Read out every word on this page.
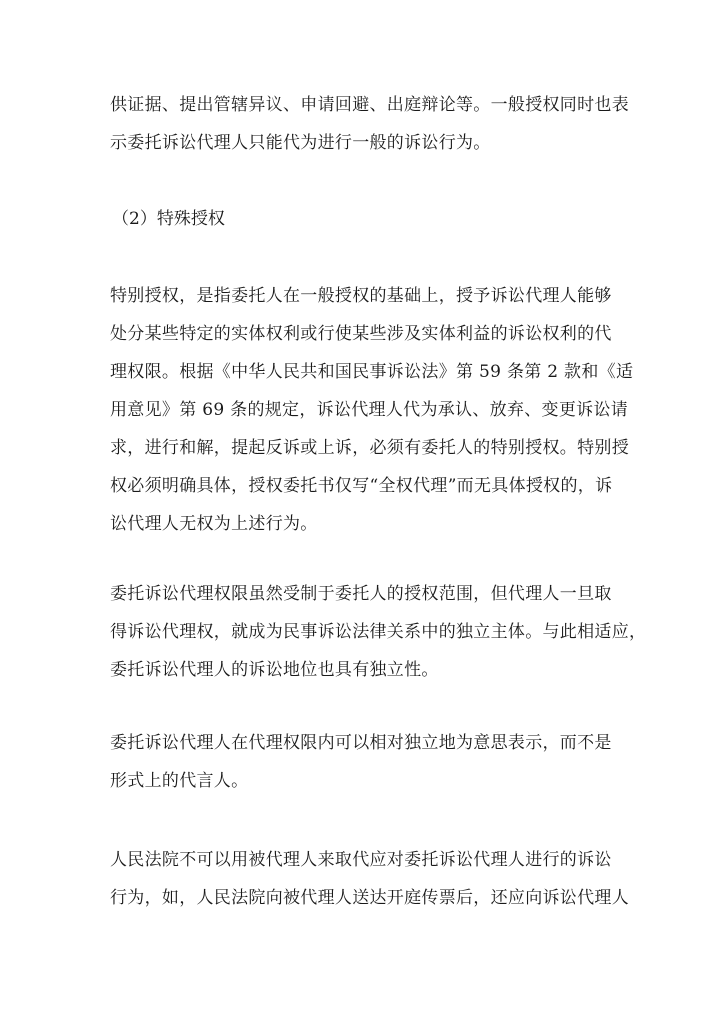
供证据、提出管辖异议、申请回避、出庭辩论等。一般授权同时也表
示委托诉讼代理人只能代为进行一般的诉讼行为。
（2）特殊授权
特别授权，是指委托人在一般授权的基础上，授予诉讼代理人能够
处分某些特定的实体权利或行使某些涉及实体利益的诉讼权利的代
理权限。根据《中华人民共和国民事诉讼法》第 59 条第 2 款和《适
用意见》第 69 条的规定，诉讼代理人代为承认、放弃、变更诉讼请
求，进行和解，提起反诉或上诉，必须有委托人的特别授权。特别授
权必须明确具体，授权委托书仅写“全权代理”而无具体授权的，诉
讼代理人无权为上述行为。
委托诉讼代理权限虽然受制于委托人的授权范围，但代理人一旦取
得诉讼代理权，就成为民事诉讼法律关系中的独立主体。与此相适应，
委托诉讼代理人的诉讼地位也具有独立性。
委托诉讼代理人在代理权限内可以相对独立地为意思表示，而不是
形式上的代言人。
人民法院不可以用被代理人来取代应对委托诉讼代理人进行的诉讼
行为，如，人民法院向被代理人送达开庭传票后，还应向诉讼代理人
